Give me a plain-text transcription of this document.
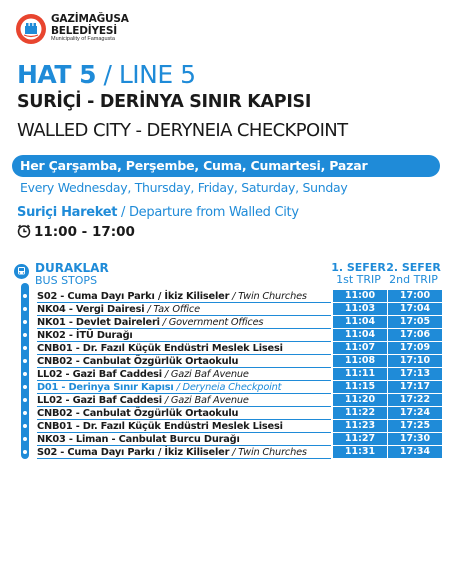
GAZİMAĞUSA
BELEDİYESİ
Municipality of Famagusta
HAT 5 / LINE 5
SURİÇİ - DERİNYA SINIR KAPISI
WALLED CITY - DERYNEIA CHECKPOINT
Her Çarşamba, Perşembe, Cuma, Cumartesi, Pazar
Every Wednesday, Thursday, Friday, Saturday, Sunday
Suriçi Hareket / Departure from Walled City
11:00 - 17:00
DURAKLAR
BUS STOPS
1. SEFER
1st TRIP
2. SEFER
2nd TRIP
S02 - Cuma Dayı Parkı / İkiz Kiliseler / Twin Churches	11:00	17:00
NK04 - Vergi Dairesi / Tax Office	11:03	17:04
NK01 - Devlet Daireleri / Government Offices	11:04	17:05
NK02 - İTÜ Durağı	11:04	17:06
CNB01 - Dr. Fazıl Küçük Endüstri Meslek Lisesi	11:07	17:09
CNB02 - Canbulat Özgürlük Ortaokulu	11:08	17:10
LL02 - Gazi Baf Caddesi / Gazi Baf Avenue	11:11	17:13
D01 - Derinya Sınır Kapısı / Deryneia Checkpoint	11:15	17:17
LL02 - Gazi Baf Caddesi / Gazi Baf Avenue	11:20	17:22
CNB02 - Canbulat Özgürlük Ortaokulu	11:22	17:24
CNB01 - Dr. Fazıl Küçük Endüstri Meslek Lisesi	11:23	17:25
NK03 - Liman - Canbulat Burcu Durağı	11:27	17:30
S02 - Cuma Dayı Parkı / İkiz Kiliseler / Twin Churches	11:31	17:34
